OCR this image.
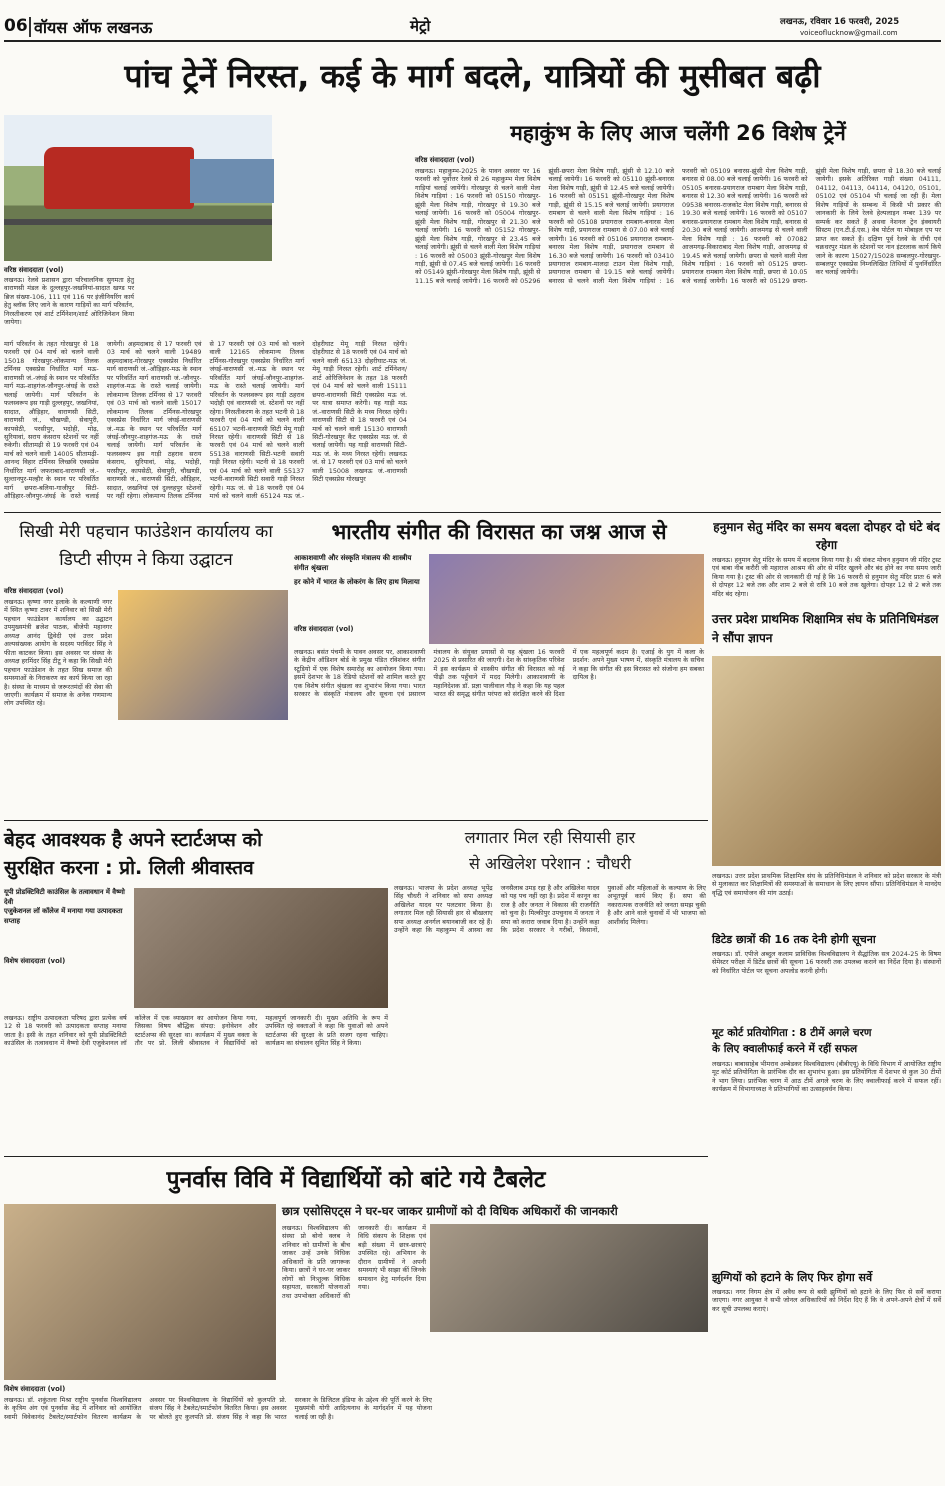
06 वॉयस ऑफ लखनऊ	मेट्रो	लखनऊ, रविवार 16 फरवरी, 2025
voiceoflucknow@gmail.com
पांच ट्रेनें निरस्त, कई के मार्ग बदले, यात्रियों की मुसीबत बढ़ी
वरिष्ठ संवाददाता (vol)
लखनऊ। रेलवे प्रशासन द्वारा परिचालनिक सुगमता हेतु वाराणसी मंडल के दुल्लहपुर-जखनियां-सादात खण्ड पर ब्रिज संख्या-106, 111 एवं 116 पर इंजीनियरिंग कार्य हेतु ब्लॉक लिए जाने के कारण गाड़ियों का मार्ग परिवर्तन, निरस्तीकरण एवं शार्ट टर्मिनेशन/शार्ट ओरिजिनेशन किया जायेगा।
मार्ग परिवर्तन के तहत गोरखपुर से 18 फरवरी एवं 04 मार्च को चलने वाली 15018 गोरखपुर-लोकमान्य तिलक टर्मिनस एक्सप्रेस निर्धारित मार्ग मऊ-वाराणसी जं.-जंघई के स्थान पर परिवर्तित मार्ग मऊ-शाहगंज-जौनपुर-जंघई के रास्ते चलाई जायेगी। मार्ग परिवर्तन के फलस्वरूप इस गाड़ी दुल्लहपुर, जखनियां, सादात, औड़िहार, वाराणसी सिटी, वाराणसी जं., चौखण्डी, सेवापुरी, कापसेठी, परसीपुर, भदोही, मोढ़, सुरियावां, सराय कंसराय स्टेशनों पर नहीं रुकेगी। सीतामढ़ी से 19 फरवरी एवं 04 मार्च को चलने वाली 14005 सीतामढ़ी-आनन्द विहार टर्मिनस लिच्छवि एक्सप्रेस निर्धारित मार्ग जफराबाद-वाराणसी जं.-सुल्तानपुर-मल्हौर के स्थान पर परिवर्तित मार्ग छपरा-बलिया-गाजीपुर सिटी-औड़िहार-जौनपुर-जंघई के रास्ते चलाई जायेगी। अहमदाबाद से 17 फरवरी एवं 03 मार्च को चलने वाली 19489 अहमदाबाद-गोरखपुर एक्सप्रेस निर्धारित मार्ग वाराणसी जं.-औड़िहार-मऊ के स्थान पर परिवर्तित मार्ग वाराणसी जं.-जौनपुर-शाहगंज-मऊ के रास्ते चलाई जायेगी। लोकमान्य तिलक टर्मिनस से 17 फरवरी एवं 03 मार्च को चलने वाली 15017 लोकमान्य तिलक टर्मिनस-गोरखपुर एक्सप्रेस निर्धारित मार्ग जंघई-वाराणसी जं.-मऊ के स्थान पर परिवर्तित मार्ग जंघई-जौनपुर-शाहगंज-मऊ के रास्ते चलाई जायेगी। मार्ग परिवर्तन के फलस्वरूप इस गाड़ी ठहराव सराय कंसराय, सुरियावां, मोढ़, भदोही, परसीपुर, कापसेठी, सेवापुरी, चौखण्डी, वाराणसी जं., वाराणसी सिटी, औड़िहार, सादात, जखनियां एवं दुल्लहपुर स्टेशनों पर नहीं रहेगा। लोकमान्य तिलक टर्मिनस से 17 फरवरी एवं 03 मार्च को चलने वाली 12165 लोकमान्य तिलक टर्मिनस-गोरखपुर एक्सप्रेस निर्धारित मार्ग जंघई-वाराणसी जं.-मऊ के स्थान पर परिवर्तित मार्ग जंघई-जौनपुर-शाहगंज-मऊ के रास्ते चलाई जायेगी। मार्ग परिवर्तन के फलस्वरूप इस गाड़ी ठहराव भदोही एवं वाराणसी जं. स्टेशनों पर नहीं रहेगा। निरस्तीकरण के तहत भटनी से 18 फरवरी एवं 04 मार्च को चलने वाली 65107 भटनी-वाराणसी सिटी मेमू गाड़ी निरस्त रहेगी। वाराणसी सिटी से 18 फरवरी एवं 04 मार्च को चलने वाली 55138 वाराणसी सिटी-भटनी सवारी गाड़ी निरस्त रहेगी। भटनी से 18 फरवरी एवं 04 मार्च को चलने वाली 55137 भटनी-वाराणसी सिटी सवारी गाड़ी निरस्त रहेगी। मऊ जं. से 18 फरवरी एवं 04 मार्च को चलने वाली 65124 मऊ जं.-दोहरीघाट मेमू गाड़ी निरस्त रहेगी। दोहरीघाट से 18 फरवरी एवं 04 मार्च को चलने वाली 65133 दोहरीघाट-मऊ जं. मेमू गाड़ी निरस्त रहेगी। शार्ट टर्मिनेशन/शार्ट ओरिजिनेशन के तहत 18 फरवरी एवं 04 मार्च को चलने वाली 15111 छपरा-वाराणसी सिटी एक्सप्रेस मऊ जं. पर यात्रा समाप्त करेगी। यह गाड़ी मऊ जं.-वाराणसी सिटी के मध्य निरस्त रहेगी। वाराणसी सिटी से 18 फरवरी एवं 04 मार्च को चलने वाली 15130 वाराणसी सिटी-गोरखपुर कैंट एक्सप्रेस मऊ जं. से चलाई जायेगी। यह गाड़ी वाराणसी सिटी-मऊ जं. के मध्य निरस्त रहेगी। लखनऊ जं. से 17 फरवरी एवं 03 मार्च को चलने वाली 15008 लखनऊ जं.-वाराणसी सिटी एक्सप्रेस गोरखपुर
महाकुंभ के लिए आज चलेंगी 26 विशेष ट्रेनें
वरिष्ठ संवाददाता (vol)
लखनऊ। महाकुम्भ-2025 के पावन अवसर पर 16 फरवरी को पूर्वोत्तर रेलवे से 26 महाकुम्भ मेला विशेष गाड़ियां चलाई जायेंगी। गोरखपुर से चलने वाली मेला विशेष गाड़ियां : 16 फरवरी को 05150 गोरखपुर-झूंसी मेला विशेष गाड़ी, गोरखपुर से 19.30 बजे चलाई जायेगी। 16 फरवरी को 05004 गोरखपुर-झूंसी मेला विशेष गाड़ी, गोरखपुर से 21.30 बजे चलाई जायेगी। 16 फरवरी को 05152 गोरखपुर-झूंसी मेला विशेष गाड़ी, गोरखपुर से 23.45 बजे चलाई जायेगी। झूंसी से चलने वाली मेला विशेष गाड़ियां : 16 फरवरी को 05003 झूंसी-गोरखपुर मेला विशेष गाड़ी, झूंसी से 07.45 बजे चलाई जायेगी। 16 फरवरी को 05149 झूंसी-गोरखपुर मेला विशेष गाड़ी, झूंसी से 11.15 बजे चलाई जायेगी। 16 फरवरी को 05296 झूंसी-छपरा मेला विशेष गाड़ी, झूंसी से 12.10 बजे चलाई जायेगी। 16 फरवरी को 05110 झूंसी-बनारस मेला विशेष गाड़ी, झूंसी से 12.45 बजे चलाई जायेगी। 16 फरवरी को 05151 झूंसी-गोरखपुर मेला विशेष गाड़ी, झूंसी से 15.15 बजे चलाई जायेगी। प्रयागराज रामबाग से चलने वाली मेला विशेष गाड़ियां : 16 फरवरी को 05108 प्रयागराज रामबाग-बनारस मेला विशेष गाड़ी, प्रयागराज रामबाग से 07.00 बजे चलाई जायेगी। 16 फरवरी को 05106 प्रयागराज रामबाग-बनारस मेला विशेष गाड़ी, प्रयागराज रामबाग से 16.30 बजे चलाई जायेगी। 16 फरवरी को 03410 प्रयागराज रामबाग-मालदा टाउन मेला विशेष गाड़ी, प्रयागराज रामबाग से 19.15 बजे चलाई जायेगी। बनारस से चलने वाली मेला विशेष गाड़ियां : 16 फरवरी को 05109 बनारस-झूंसी मेला विशेष गाड़ी, बनारस से 08.00 बजे चलाई जायेगी। 16 फरवरी को 05105 बनारस-प्रयागराज रामबाग मेला विशेष गाड़ी, बनारस से 12.30 बजे चलाई जायेगी। 16 फरवरी को 09538 बनारस-राजकोट मेला विशेष गाड़ी, बनारस से 19.30 बजे चलाई जायेगी। 16 फरवरी को 05107 बनारस-प्रयागराज रामबाग मेला विशेष गाड़ी, बनारस से 20.30 बजे चलाई जायेगी। आजमगढ़ से चलने वाली मेला विशेष गाड़ी : 16 फरवरी को 07082 आजमगढ़-विकाराबाद मेला विशेष गाड़ी, आजमगढ़ से 19.45 बजे चलाई जायेगी। छपरा से चलने वाली मेला विशेष गाड़ियां : 16 फरवरी को 05125 छपरा-प्रयागराज रामबाग मेला विशेष गाड़ी, छपरा से 10.05 बजे चलाई जायेगी। 16 फरवरी को 05129 छपरा-झूंसी मेला विशेष गाड़ी, छपरा से 18.30 बजे चलाई जायेगी। इसके अतिरिक्त गाड़ी संख्या 04111, 04112, 04113, 04114, 04120, 05101, 05102 एवं 05104 भी चलाई जा रही हैं। मेला विशेष गाड़ियों के सम्बन्ध में किसी भी प्रकार की जानकारी के लिये रेलवे हेल्पलाइन नम्बर 139 पर सम्पर्क कर सकते हैं अथवा नेशनल ट्रेन इंक्वायरी सिस्टम (एन.टी.ई.एस.) वेब पोर्टल या मोबाइल एप पर प्राप्त कर सकते हैं। दक्षिण पूर्व रेलवे के राँची एवं चक्रधरपुर मंडल के स्टेशनों पर नान इंटरलाक कार्य किये जाने के कारण 15027/15028 सम्बलपुर-गोरखपुर-सम्बलपुर एक्सप्रेस निम्नलिखित तिथियों में पुनर्निर्धारित कर चलाई जायेगी।
सिखी मेरी पहचान फाउंडेशन कार्यालय का डिप्टी सीएम ने किया उद्घाटन
वरिष्ठ संवाददाता (vol)
लखनऊ। कृष्णा नगर इलाके के कल्याणी नगर में स्थित कृष्णा टावर में शनिवार को सिखी मेरी पहचान फाउंडेशन कार्यालय का उद्घाटन उपमुख्यमंत्री ब्रजेश पाठक, बीजेपी महानगर अध्यक्ष आनंद द्विवेदी एवं उत्तर प्रदेश अल्पसंख्यक आयोग के सदस्य परविंदर सिंह ने फीता काटकर किया। इस अवसर पर संस्था के अध्यक्ष हरमिंदर सिंह टीटू ने कहा कि सिखी मेरी पहचान फाउंडेशन के तहत सिख समाज की समस्याओं के निराकरण का कार्य किया जा रहा है। संस्था के माध्यम से जरूरतमंदों की सेवा की जाएगी। कार्यक्रम में समाज के अनेक गणमान्य लोग उपस्थित रहे।
भारतीय संगीत की विरासत का जश्न आज से
आकाशवाणी और संस्कृति मंत्रालय की शास्त्रीय संगीत श्रृंखला
हर कोने में भारत के लोकरंग के लिए हाथ मिलाया
वरिष्ठ संवाददाता (vol)
लखनऊ। बसंत पंचमी के पावन अवसर पर, आकाशवाणी के केंद्रीय ऑडिशन बोर्ड के प्रमुख पंडित रविशंकर संगीत स्टूडियो में एक विशेष समारोह का आयोजन किया गया। इसमें देशभर के 18 रेडियो स्टेशनों को शामिल करते हुए एक विशेष संगीत श्रृंखला का शुभारंभ किया गया। भारत सरकार के संस्कृति मंत्रालय और सूचना एवं प्रसारण मंत्रालय के संयुक्त प्रयासों से यह श्रृंखला 16 फरवरी 2025 से प्रसारित की जाएगी। देश के सांस्कृतिक परिवेश में इस कार्यक्रम से शास्त्रीय संगीत की विरासत को नई पीढ़ी तक पहुँचाने में मदद मिलेगी। आकाशवाणी के महानिदेशक डॉ. प्रज्ञा पालीवाल गौड़ ने कहा कि यह पहल भारत की समृद्ध संगीत परंपरा को संरक्षित करने की दिशा में एक महत्वपूर्ण कदम है। एआई के युग में कला के प्रदर्शन: अपने मुख्य भाषण में, संस्कृति मंत्रालय के सचिव ने कहा कि संगीत की इस विरासत को संजोना हम सबका दायित्व है।
हनुमान सेतु मंदिर का समय बदला दोपहर दो घंटे बंद रहेगा
लखनऊ। हनुमान सेतु मंदिर के समय में बदलाव किया गया है। श्री संकट मोचन हनुमान जी मंदिर ट्रस्ट एवं बाबा नीब करौरी जी महाराज आश्रम की ओर से मंदिर खुलने और बंद होने का नया समय जारी किया गया है। ट्रस्ट की ओर से जानकारी दी गई है कि 16 फरवरी से हनुमान सेतु मंदिर प्रातः 6 बजे से दोपहर 12 बजे तक और शाम 2 बजे से रात्रि 10 बजे तक खुलेगा। दोपहर 12 से 2 बजे तक मंदिर बंद रहेगा।
उत्तर प्रदेश प्राथमिक शिक्षामित्र संघ के प्रतिनिधिमंडल ने सौंपा ज्ञापन
लखनऊ। उत्तर प्रदेश प्राथमिक शिक्षामित्र संघ के प्रतिनिधिमंडल ने शनिवार को प्रदेश सरकार के मंत्री से मुलाकात कर शिक्षामित्रों की समस्याओं के समाधान के लिए ज्ञापन सौंपा। प्रतिनिधिमंडल ने मानदेय वृद्धि एवं समायोजन की मांग उठाई।
बेहद आवश्यक है अपने स्टार्टअप्स को
सुरक्षित करना : प्रो. लिली श्रीवास्तव
यूपी प्रोडक्टिविटी काउंसिल के तत्वावधान में वैष्णो देवी
एजुकेशनल लॉ कॉलेज में मनाया गया उत्पादकता सप्ताह
विशेष संवाददाता (vol)
लखनऊ। राष्ट्रीय उत्पादकता परिषद द्वारा प्रत्येक वर्ष 12 से 18 फरवरी को उत्पादकता सप्ताह मनाया जाता है। इसी के तहत शनिवार को यूपी प्रोडक्टिविटी काउंसिल के तत्वावधान में वैष्णो देवी एजुकेशनल लॉ कॉलेज में एक व्याख्यान का आयोजन किया गया, जिसका विषय बौद्धिक संपदा: इनोवेशन और स्टार्टअप्स की सुरक्षा था। कार्यक्रम में मुख्य वक्ता के तौर पर प्रो. लिली श्रीवास्तव ने विद्यार्थियों को महत्वपूर्ण जानकारी दी। मुख्य अतिथि के रूप में उपस्थित रहे वक्ताओं ने कहा कि युवाओं को अपने स्टार्टअप्स की सुरक्षा के प्रति सजग रहना चाहिए। कार्यक्रम का संचालन सुमित सिंह ने किया।
लगातार मिल रही सियासी हार
से अखिलेश परेशान : चौधरी
लखनऊ। भाजपा के प्रदेश अध्यक्ष भूपेंद्र सिंह चौधरी ने शनिवार को सपा अध्यक्ष अखिलेश यादव पर पलटवार किया है। लगातार मिल रही सियासी हार से बौखलाए सपा अध्यक्ष अनर्गल बयानबाजी कर रहे हैं। उन्होंने कहा कि महाकुम्भ में आस्था का जनसैलाब उमड़ रहा है और अखिलेश यादव को यह पच नहीं रहा है। प्रदेश में कानून का राज है और जनता ने विकास की राजनीति को चुना है। मिल्कीपुर उपचुनाव में जनता ने सपा को करारा जवाब दिया है। उन्होंने कहा कि प्रदेश सरकार ने गरीबों, किसानों, युवाओं और महिलाओं के कल्याण के लिए अभूतपूर्व कार्य किए हैं। सपा की नकारात्मक राजनीति को जनता समझ चुकी है और आने वाले चुनावों में भी भाजपा को आशीर्वाद मिलेगा।
डिटेड छात्रों की 16 तक देनी होगी सूचना
लखनऊ। डॉ. एपीजे अब्दुल कलाम प्राविधिक विश्वविद्यालय ने सैद्धांतिक सत्र 2024-25 के विषम सेमेस्टर परीक्षा में डिटेंड छात्रों की सूचना 16 फरवरी तक उपलब्ध कराने का निर्देश दिया है। संस्थानों को निर्धारित पोर्टल पर सूचना अपलोड करनी होगी।
मूट कोर्ट प्रतियोगिता : 8 टीमें अगले चरण
के लिए क्वालीफाई करने में रहीं सफल
लखनऊ। बाबासाहेब भीमराव अम्बेडकर विश्वविद्यालय (बीबीएयू) के विधि विभाग में आयोजित राष्ट्रीय मूट कोर्ट प्रतियोगिता के प्रारंभिक दौर का शुभारंभ हुआ। इस प्रतियोगिता में देशभर से कुल 30 टीमों ने भाग लिया। प्रारंभिक चरण में आठ टीमें अगले चरण के लिए क्वालीफाई करने में सफल रहीं। कार्यक्रम में विभागाध्यक्ष ने प्रतिभागियों का उत्साहवर्धन किया।
झुग्गियों को हटाने के लिए फिर होगा सर्वे
लखनऊ। नगर निगम क्षेत्र में अवैध रूप से बसी झुग्गियों को हटाने के लिए फिर से सर्वे कराया जाएगा। नगर आयुक्त ने सभी जोनल अधिकारियों को निर्देश दिए हैं कि वे अपने-अपने क्षेत्रों में सर्वे कर सूची उपलब्ध कराएं।
पुनर्वास विवि में विद्यार्थियों को बांटे गये टैबलेट
विशेष संवाददाता (vol)
लखनऊ। डॉ. शकुंतला मिश्रा राष्ट्रीय पुनर्वास विश्वविद्यालय के कृत्रिम अंग एवं पुनर्वास केंद्र में शनिवार को आयोजित स्वामी विवेकानंद टैबलेट/स्मार्टफोन वितरण कार्यक्रम के अवसर पर विश्वविद्यालय के विद्यार्थियों को कुलपति प्रो. संजय सिंह ने टैबलेट/स्मार्टफोन वितरित किया। इस अवसर पर बोलते हुए कुलपति प्रो. संजय सिंह ने कहा कि भारत सरकार के डिजिटल इंडिया के उद्देश्य की पूर्ति करने के लिए मुख्यमंत्री योगी आदित्यनाथ के मार्गदर्शन में यह योजना चलाई जा रही है।
छात्र एसोसिएट्स ने घर-घर जाकर ग्रामीणों को दी विधिक अधिकारों की जानकारी
लखनऊ। विश्वविद्यालय की संस्था प्रो बोनो क्लब ने शनिवार को ग्रामीणों के बीच जाकर उन्हें उनके विधिक अधिकारों के प्रति जागरूक किया। छात्रों ने घर-घर जाकर लोगों को निःशुल्क विधिक सहायता, सरकारी योजनाओं तथा उपभोक्ता अधिकारों की जानकारी दी। कार्यक्रम में विधि संकाय के शिक्षक एवं बड़ी संख्या में छात्र-छात्राएं उपस्थित रहे। अभियान के दौरान ग्रामीणों ने अपनी समस्याएं भी साझा कीं जिनके समाधान हेतु मार्गदर्शन दिया गया।
